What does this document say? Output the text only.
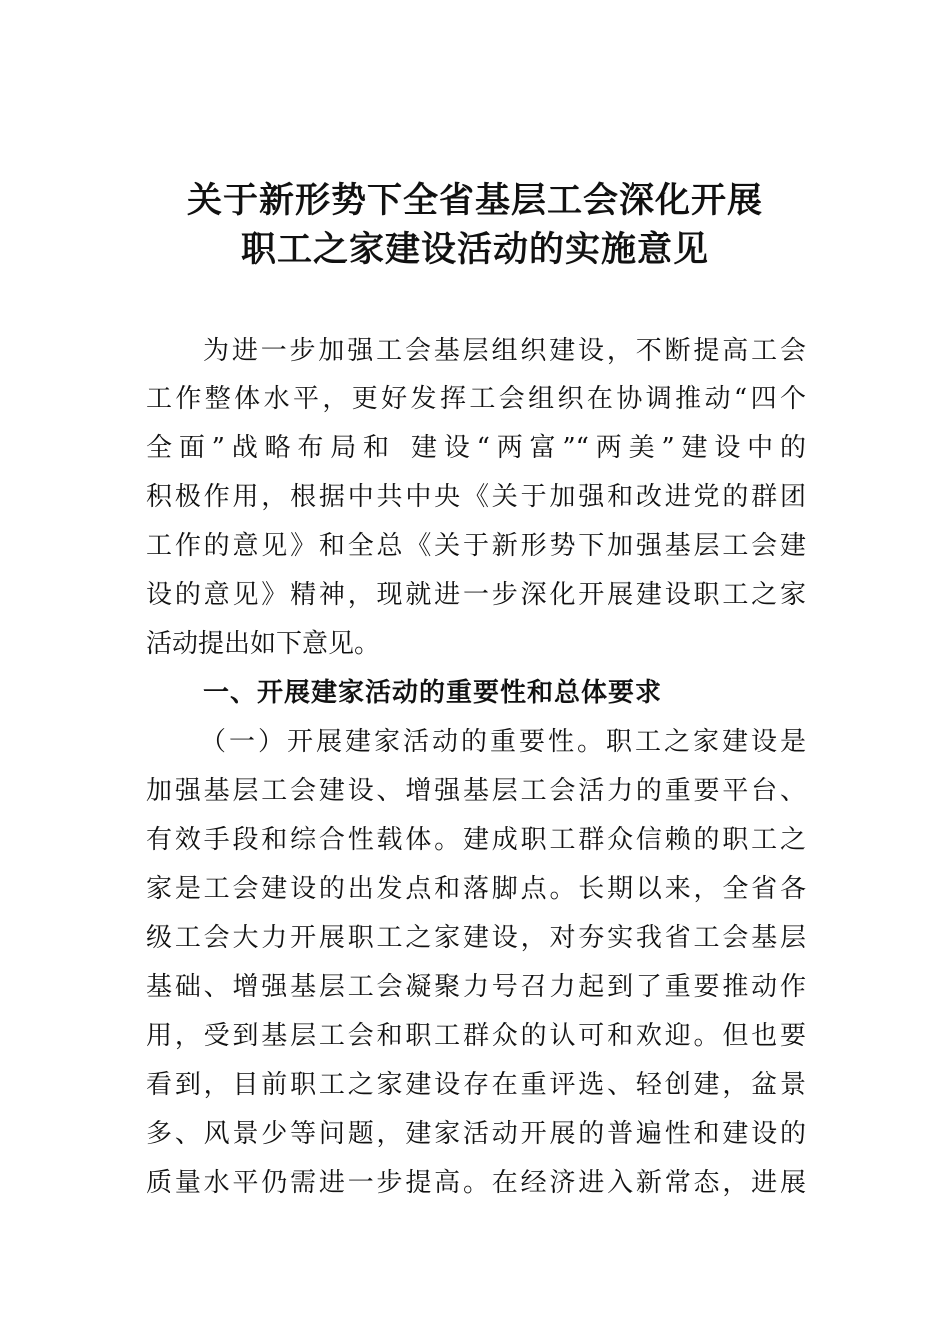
关于新形势下全省基层工会深化开展
职工之家建设活动的实施意见
为进一步加强工会基层组织建设，不断提高工会
工作整体水平，更好发挥工会组织在协调推动“四个
全面”战略布局和 建设“两富”“两美”建设中的
积极作用，根据中共中央《关于加强和改进党的群团
工作的意见》和全总《关于新形势下加强基层工会建
设的意见》精神，现就进一步深化开展建设职工之家
活动提出如下意见。
一、开展建家活动的重要性和总体要求
（一）开展建家活动的重要性。职工之家建设是
加强基层工会建设、增强基层工会活力的重要平台、
有效手段和综合性载体。建成职工群众信赖的职工之
家是工会建设的出发点和落脚点。长期以来，全省各
级工会大力开展职工之家建设，对夯实我省工会基层
基础、增强基层工会凝聚力号召力起到了重要推动作
用，受到基层工会和职工群众的认可和欢迎。但也要
看到，目前职工之家建设存在重评选、轻创建，盆景
多、风景少等问题，建家活动开展的普遍性和建设的
质量水平仍需进一步提高。在经济进入新常态，进展
